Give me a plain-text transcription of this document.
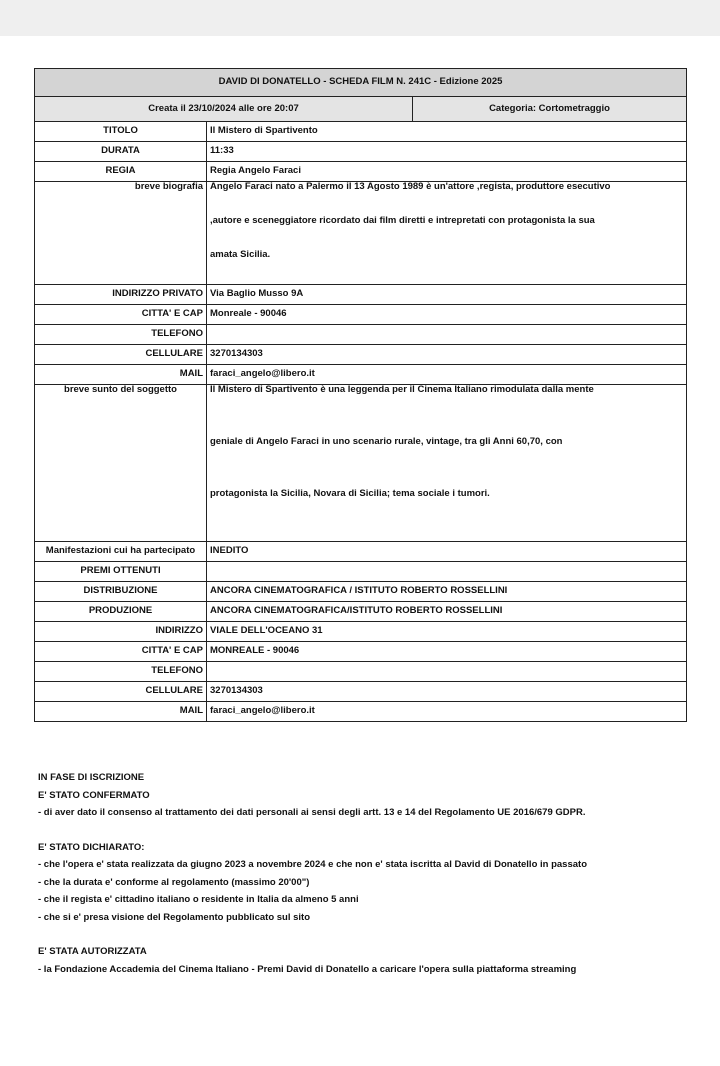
DAVID DI DONATELLO - SCHEDA FILM N. 241C - Edizione 2025		
Creata il 23/10/2024 alle ore 20:07		Categoria: Cortometraggio
TITOLO	Il Mistero di Spartivento	
DURATA	11:33	
REGIA	Regia Angelo Faraci	
breve biografia	Angelo Faraci nato a Palermo il 13 Agosto 1989 è un'attore ,regista, produttore esecutivo
,autore e sceneggiatore ricordato dai film diretti e intrepretati con protagonista la sua
amata Sicilia.	

INDIRIZZO PRIVATO	Via Baglio Musso 9A	
CITTA' E CAP	Monreale - 90046	
TELEFONO		
CELLULARE	3270134303	
MAIL	faraci_angelo@libero.it	
breve sunto del soggetto	Il Mistero di Spartivento è una leggenda per il Cinema Italiano rimodulata dalla mente
geniale di Angelo Faraci in uno scenario rurale, vintage, tra gli Anni 60,70, con
protagonista la Sicilia, Novara di Sicilia; tema sociale i tumori.	

Manifestazioni cui ha partecipato	INEDITO	
PREMI OTTENUTI		
DISTRIBUZIONE	ANCORA CINEMATOGRAFICA / ISTITUTO ROBERTO ROSSELLINI	
PRODUZIONE	ANCORA CINEMATOGRAFICA/ISTITUTO ROBERTO ROSSELLINI	
INDIRIZZO	VIALE DELL'OCEANO 31	
CITTA' E CAP	MONREALE - 90046	
TELEFONO		
CELLULARE	3270134303	
MAIL	faraci_angelo@libero.it	
IN FASE DI ISCRIZIONE
E' STATO CONFERMATO
- di aver dato il consenso al trattamento dei dati personali ai sensi degli artt. 13 e 14 del Regolamento UE 2016/679 GDPR.
E' STATO DICHIARATO:
- che l'opera e' stata realizzata da giugno 2023 a novembre 2024 e che non e' stata iscritta al David di Donatello in passato
- che la durata e' conforme al regolamento (massimo 20'00")
- che il regista e' cittadino italiano o residente in Italia da almeno 5 anni
- che si e' presa visione del Regolamento pubblicato sul sito
E' STATA AUTORIZZATA
- la Fondazione Accademia del Cinema Italiano - Premi David di Donatello a caricare l'opera sulla piattaforma streaming
